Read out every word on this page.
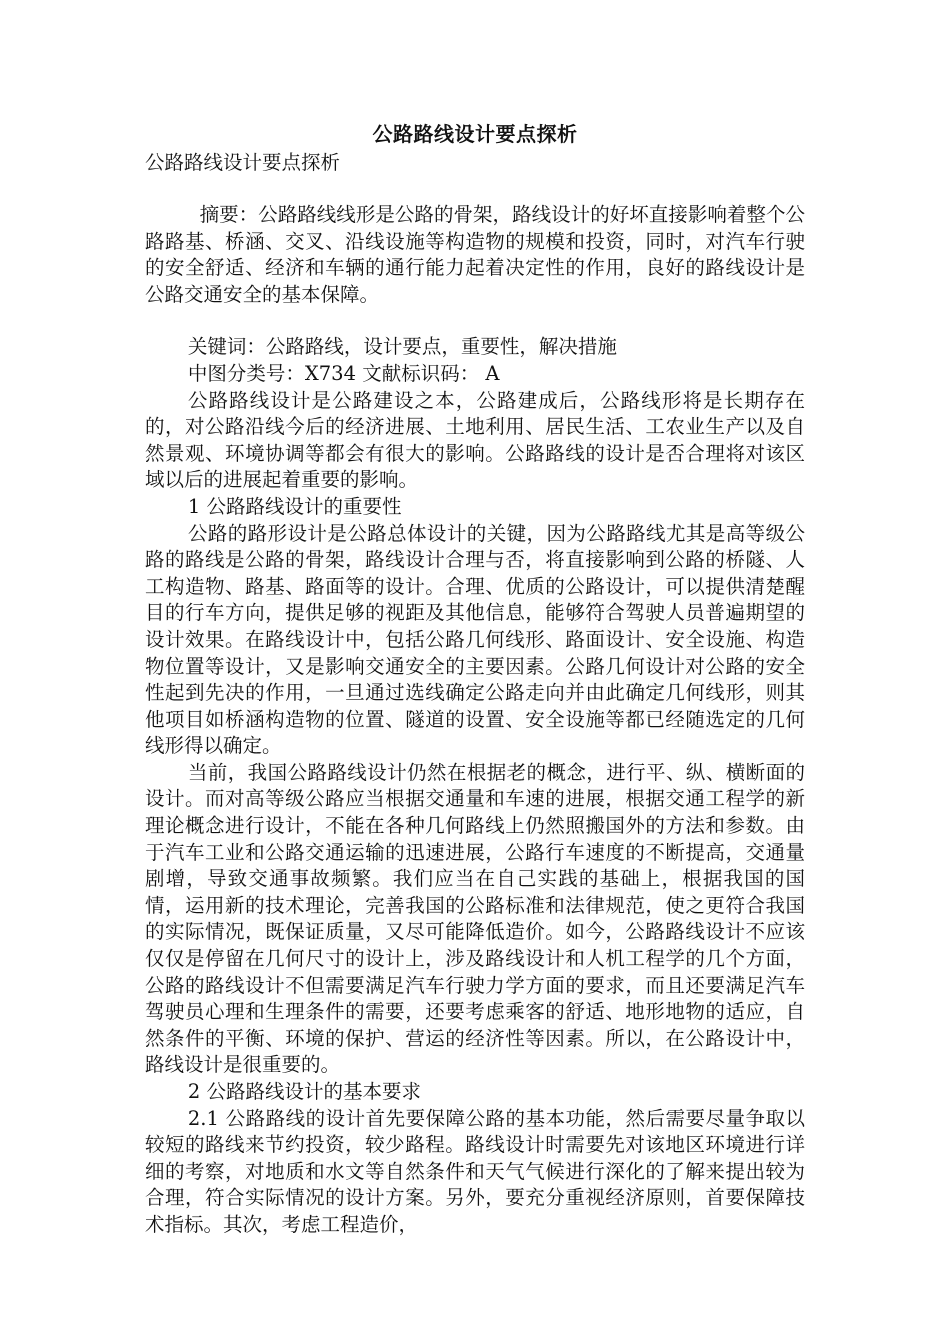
公路路线设计要点探析
公路路线设计要点探析

摘要：公路路线线形是公路的骨架，路线设计的好坏直接影响着整个公路路基、桥涵、交叉、沿线设施等构造物的规模和投资，同时，对汽车行驶的安全舒适、经济和车辆的通行能力起着决定性的作用，良好的路线设计是公路交通安全的基本保障。

关键词：公路路线，设计要点，重要性，解决措施

中图分类号：X734 文献标识码： A

公路路线设计是公路建设之本，公路建成后，公路线形将是长期存在的，对公路沿线今后的经济进展、土地利用、居民生活、工农业生产以及自然景观、环境协调等都会有很大的影响。公路路线的设计是否合理将对该区域以后的进展起着重要的影响。

1 公路路线设计的重要性

公路的路形设计是公路总体设计的关键，因为公路路线尤其是高等级公路的路线是公路的骨架，路线设计合理与否，将直接影响到公路的桥隧、人工构造物、路基、路面等的设计。合理、优质的公路设计，可以提供清楚醒目的行车方向，提供足够的视距及其他信息，能够符合驾驶人员普遍期望的设计效果。在路线设计中，包括公路几何线形、路面设计、安全设施、构造物位置等设计，又是影响交通安全的主要因素。公路几何设计对公路的安全性起到先决的作用，一旦通过选线确定公路走向并由此确定几何线形，则其他项目如桥涵构造物的位置、隧道的设置、安全设施等都已经随选定的几何线形得以确定。

当前，我国公路路线设计仍然在根据老的概念，进行平、纵、横断面的设计。而对高等级公路应当根据交通量和车速的进展，根据交通工程学的新理论概念进行设计，不能在各种几何路线上仍然照搬国外的方法和参数。由于汽车工业和公路交通运输的迅速进展，公路行车速度的不断提高，交通量剧增，导致交通事故频繁。我们应当在自己实践的基础上，根据我国的国情，运用新的技术理论，完善我国的公路标准和法律规范，使之更符合我国的实际情况，既保证质量，又尽可能降低造价。如今，公路路线设计不应该仅仅是停留在几何尺寸的设计上，涉及路线设计和人机工程学的几个方面，公路的路线设计不但需要满足汽车行驶力学方面的要求，而且还要满足汽车驾驶员心理和生理条件的需要，还要考虑乘客的舒适、地形地物的适应，自然条件的平衡、环境的保护、营运的经济性等因素。所以，在公路设计中，路线设计是很重要的。

2 公路路线设计的基本要求

2.1 公路路线的设计首先要保障公路的基本功能，然后需要尽量争取以较短的路线来节约投资，较少路程。路线设计时需要先对该地区环境进行详细的考察，对地质和水文等自然条件和天气气候进行深化的了解来提出较为合理，符合实际情况的设计方案。另外，要充分重视经济原则，首要保障技术指标。其次，考虑工程造价，
